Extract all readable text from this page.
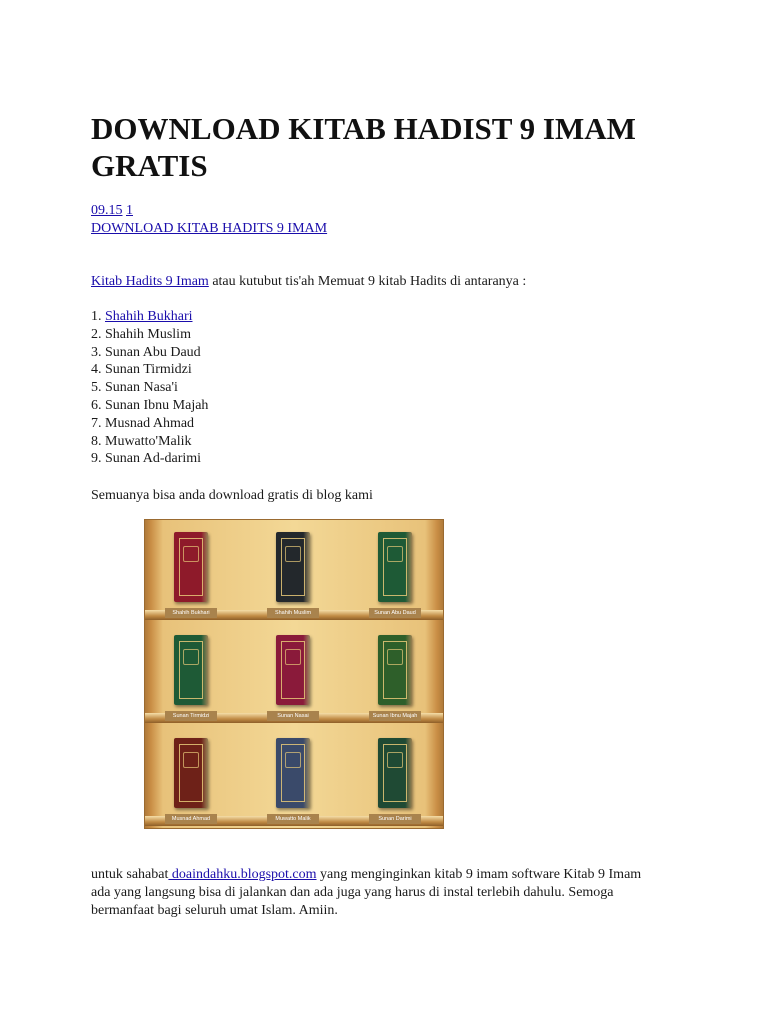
DOWNLOAD KITAB HADIST 9 IMAM GRATIS
09.15 1
DOWNLOAD KITAB HADITS 9 IMAM
Kitab Hadits 9 Imam atau kutubut tis'ah Memuat 9 kitab Hadits di antaranya :
1. Shahih Bukhari
2. Shahih Muslim
3. Sunan Abu Daud
4. Sunan Tirmidzi
5. Sunan Nasa'i
6. Sunan Ibnu Majah
7. Musnad Ahmad
8. Muwatto'Malik
9. Sunan Ad-darimi
Semuanya bisa anda download gratis di blog kami
untuk sahabat doaindahku.blogspot.com yang menginginkan kitab 9 imam software Kitab 9 Imam ada yang langsung bisa di jalankan dan ada juga yang harus di instal terlebih dahulu. Semoga bermanfaat bagi seluruh umat Islam. Amiin.
Shahih Bukhari	Shahih Muslim	Sunan Abu Daud
Sunan Tirmidzi	Sunan Nasai	Sunan Ibnu Majah
Musnad Ahmad	Muwatto Malik	Sunan Darimi
